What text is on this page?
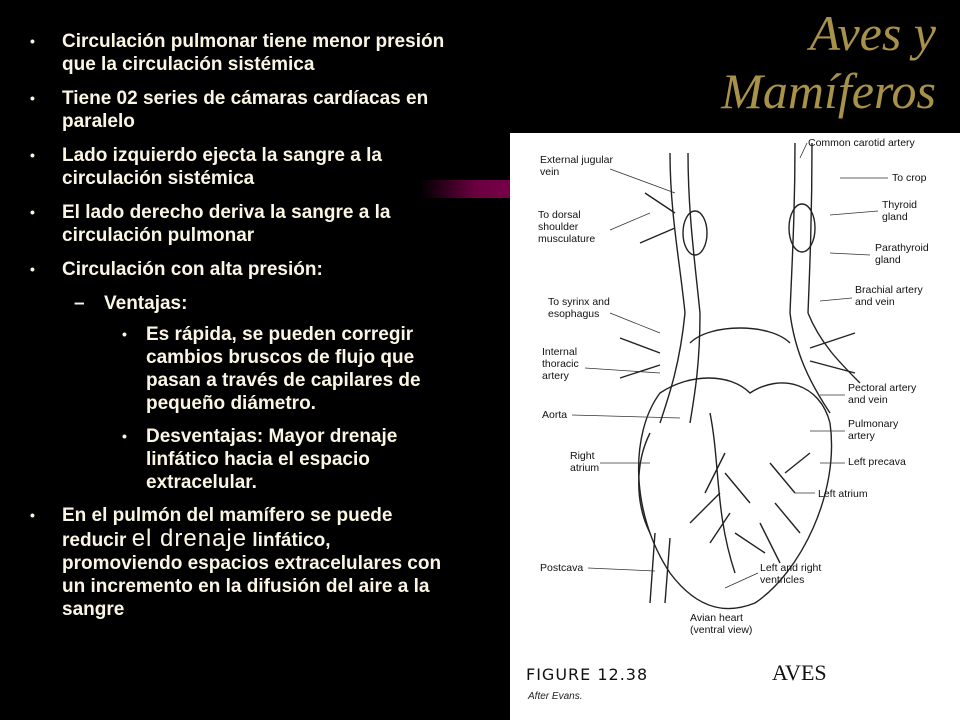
Aves y
Mamíferos
• Circulación pulmonar tiene menor presión que la circulación sistémica
• Tiene 02 series de cámaras cardíacas en paralelo
• Lado izquierdo ejecta la sangre a la circulación sistémica
• El lado derecho deriva la sangre a la circulación pulmonar
• Circulación con alta presión:
– Ventajas:
• Es rápida, se pueden corregir cambios bruscos de flujo que pasan a través de capilares de pequeño diámetro.
• Desventajas: Mayor drenaje linfático hacia el espacio extracelular.
• En el pulmón del mamífero se puede reducir el drenaje linfático, promoviendo espacios extracelulares con un incremento en la difusión del aire a la sangre
External jugular
vein
Common carotid artery
To crop
To dorsal
shoulder
musculature
Thyroid
gland
Parathyroid
gland
Brachial artery
and vein
To syrinx and
esophagus
Internal
thoracic
artery
Pectoral artery
and vein
Pulmonary
artery
Aorta
Right
atrium	Left precava
Left atrium
Postcava	Left and right
ventricles
Avian heart
(ventral view)
FIGURE 12.38
After Evans.
AVES
